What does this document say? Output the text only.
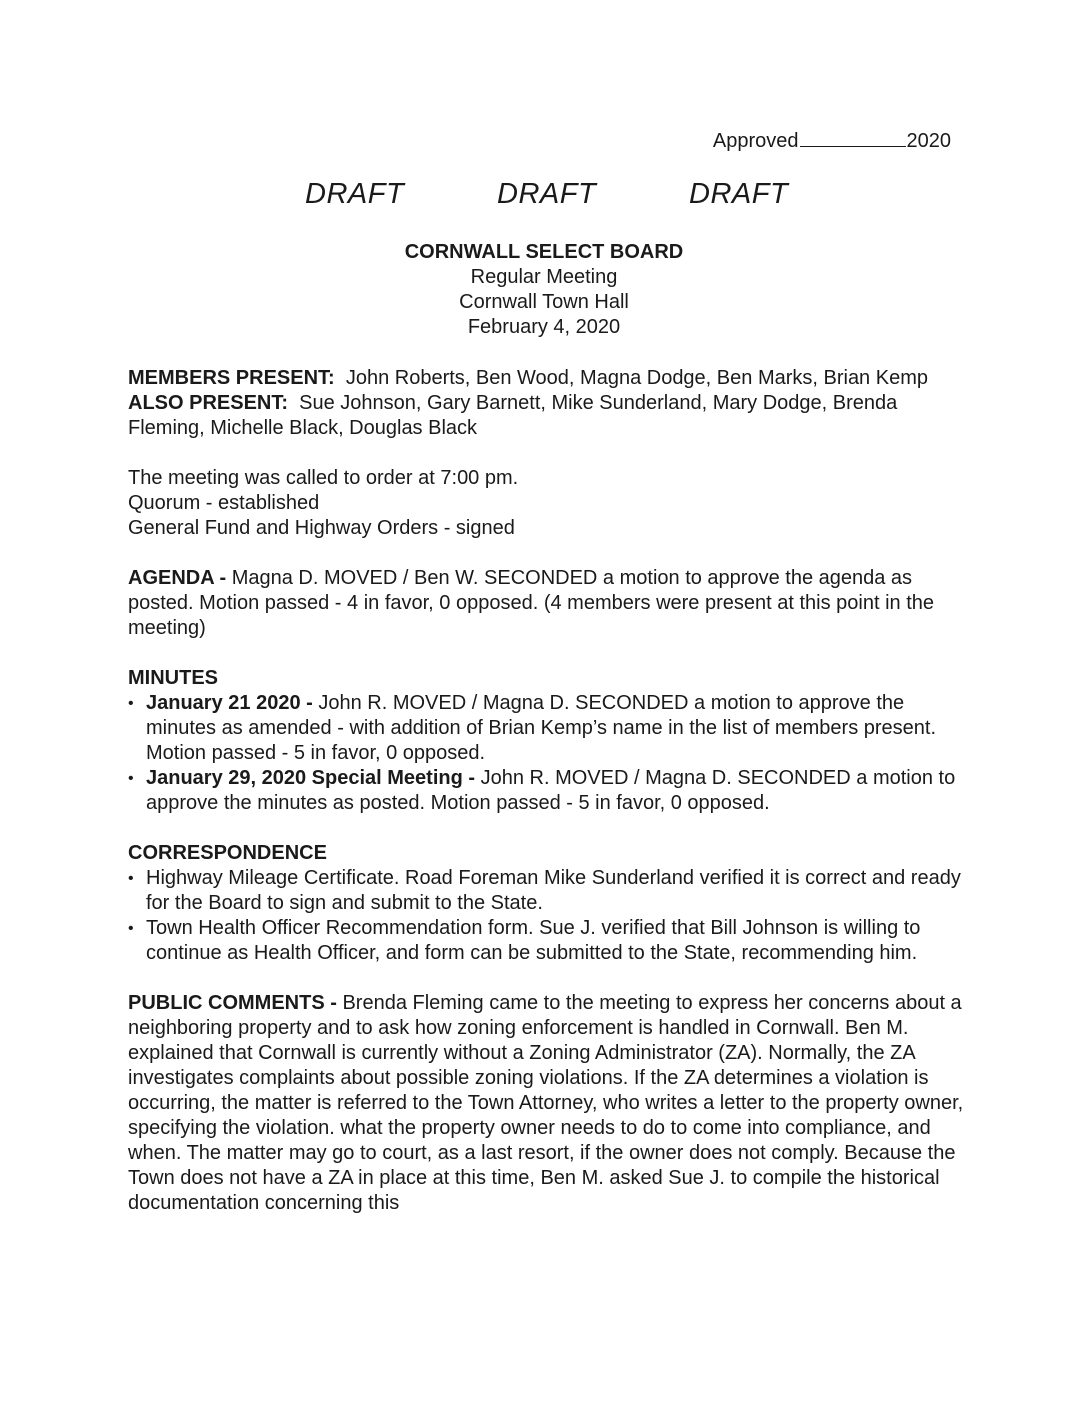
Approved	2020
DRAFT	DRAFT	DRAFT
CORNWALL SELECT BOARD
Regular Meeting
Cornwall Town Hall
February 4, 2020

MEMBERS PRESENT: John Roberts, Ben Wood, Magna Dodge, Ben Marks, Brian Kemp

ALSO PRESENT: Sue Johnson, Gary Barnett, Mike Sunderland, Mary Dodge, Brenda Fleming, Michelle Black, Douglas Black

The meeting was called to order at 7:00 pm.

Quorum - established

General Fund and Highway Orders - signed

AGENDA - Magna D. MOVED / Ben W. SECONDED a motion to approve the agenda as posted. Motion passed - 4 in favor, 0 opposed. (4 members were present at this point in the meeting)

MINUTES

• January 21 2020 - John R. MOVED / Magna D. SECONDED a motion to approve the minutes as amended - with addition of Brian Kemp’s name in the list of members present. Motion passed - 5 in favor, 0 opposed.
• January 29, 2020 Special Meeting - John R. MOVED / Magna D. SECONDED a motion to approve the minutes as posted. Motion passed - 5 in favor, 0 opposed.

CORRESPONDENCE

• Highway Mileage Certificate. Road Foreman Mike Sunderland verified it is correct and ready for the Board to sign and submit to the State.
• Town Health Officer Recommendation form. Sue J. verified that Bill Johnson is willing to continue as Health Officer, and form can be submitted to the State, recommending him.

PUBLIC COMMENTS - Brenda Fleming came to the meeting to express her concerns about a neighboring property and to ask how zoning enforcement is handled in Cornwall. Ben M. explained that Cornwall is currently without a Zoning Administrator (ZA). Normally, the ZA investigates complaints about possible zoning violations. If the ZA determines a violation is occurring, the matter is referred to the Town Attorney, who writes a letter to the property owner, specifying the violation. what the property owner needs to do to come into compliance, and when. The matter may go to court, as a last resort, if the owner does not comply. Because the Town does not have a ZA in place at this time, Ben M. asked Sue J. to compile the historical documentation concerning this
